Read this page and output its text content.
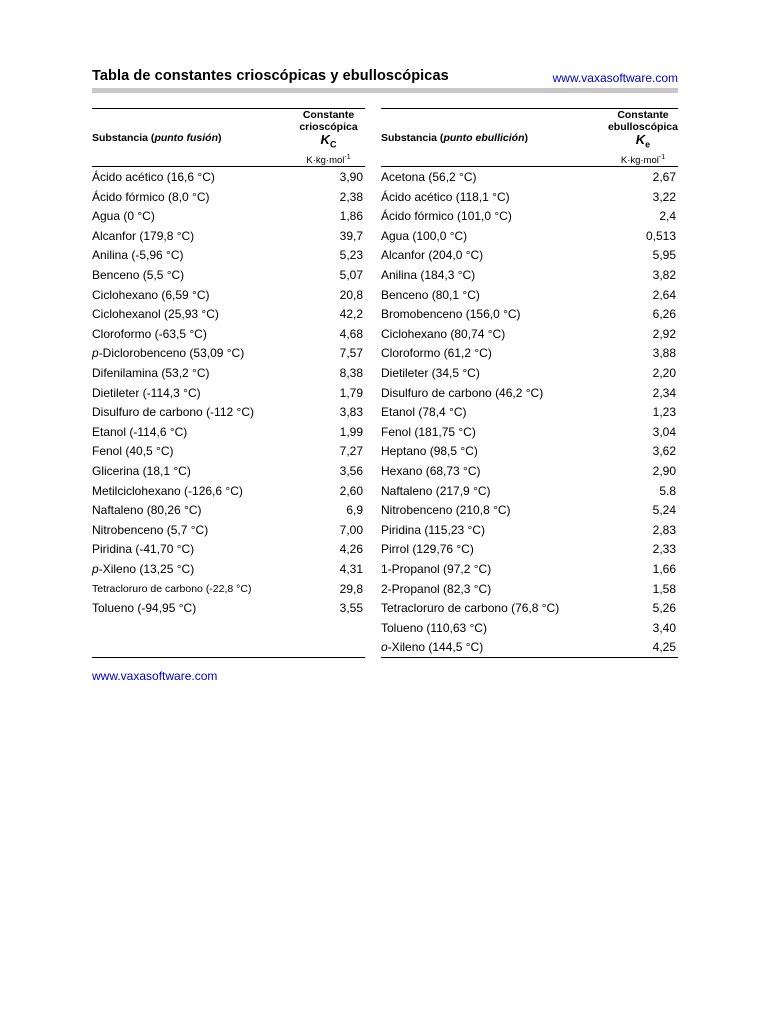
Tabla de constantes crioscópicas y ebulloscópicas	www.vaxasoftware.com
Substancia (punto fusión)	Constante
crioscópica
$K_C$
K·kg·mol$^{-1}$

Ácido acético (16,6 °C)	3,90
Ácido fórmico (8,0 °C)	2,38
Agua (0 °C)	1,86
Alcanfor (179,8 °C)	39,7
Anilina (-5,96 °C)	5,23
Benceno (5,5 °C)	5,07
Ciclohexano (6,59 °C)	20,8
Ciclohexanol (25,93 °C)	42,2
Cloroformo (-63,5 °C)	4,68
p-Diclorobenceno (53,09 °C)	7,57
Difenilamina (53,2 °C)	8,38
Dietileter (-114,3 °C)	1,79
Disulfuro de carbono (-112 °C)	3,83
Etanol (-114,6 °C)	1,99
Fenol (40,5 °C)	7,27
Glicerina (18,1 °C)	3,56
Metilciclohexano (-126,6 °C)	2,60
Naftaleno (80,26 °C)	6,9
Nitrobenceno (5,7 °C)	7,00
Piridina (-41,70 °C)	4,26
p-Xileno (13,25 °C)	4,31
Tetracloruro de carbono (-22,8 °C)	29,8
Tolueno (-94,95 °C)	3,55

Substancia (punto ebullición)	Constante
ebulloscópica
$K_e$
K·kg·mol$^{-1}$

Acetona (56,2 °C)	2,67
Ácido acético (118,1 °C)	3,22
Ácido fórmico (101,0 °C)	2,4
Agua (100,0 °C)	0,513
Alcanfor (204,0 °C)	5,95
Anilina (184,3 °C)	3,82
Benceno (80,1 °C)	2,64
Bromobenceno (156,0 °C)	6,26
Ciclohexano (80,74 °C)	2,92
Cloroformo (61,2 °C)	3,88
Dietileter (34,5 °C)	2,20
Disulfuro de carbono (46,2 °C)	2,34
Etanol (78,4 °C)	1,23
Fenol (181,75 °C)	3,04
Heptano (98,5 °C)	3,62
Hexano (68,73 °C)	2,90
Naftaleno (217,9 °C)	5.8
Nitrobenceno (210,8 °C)	5,24
Piridina (115,23 °C)	2,83
Pirrol (129,76 °C)	2,33
1-Propanol (97,2 °C)	1,66
2-Propanol (82,3 °C)	1,58
Tetracloruro de carbono (76,8 °C)	5,26
Tolueno (110,63 °C)	3,40
o-Xileno (144,5 °C)	4,25
www.vaxasoftware.com
